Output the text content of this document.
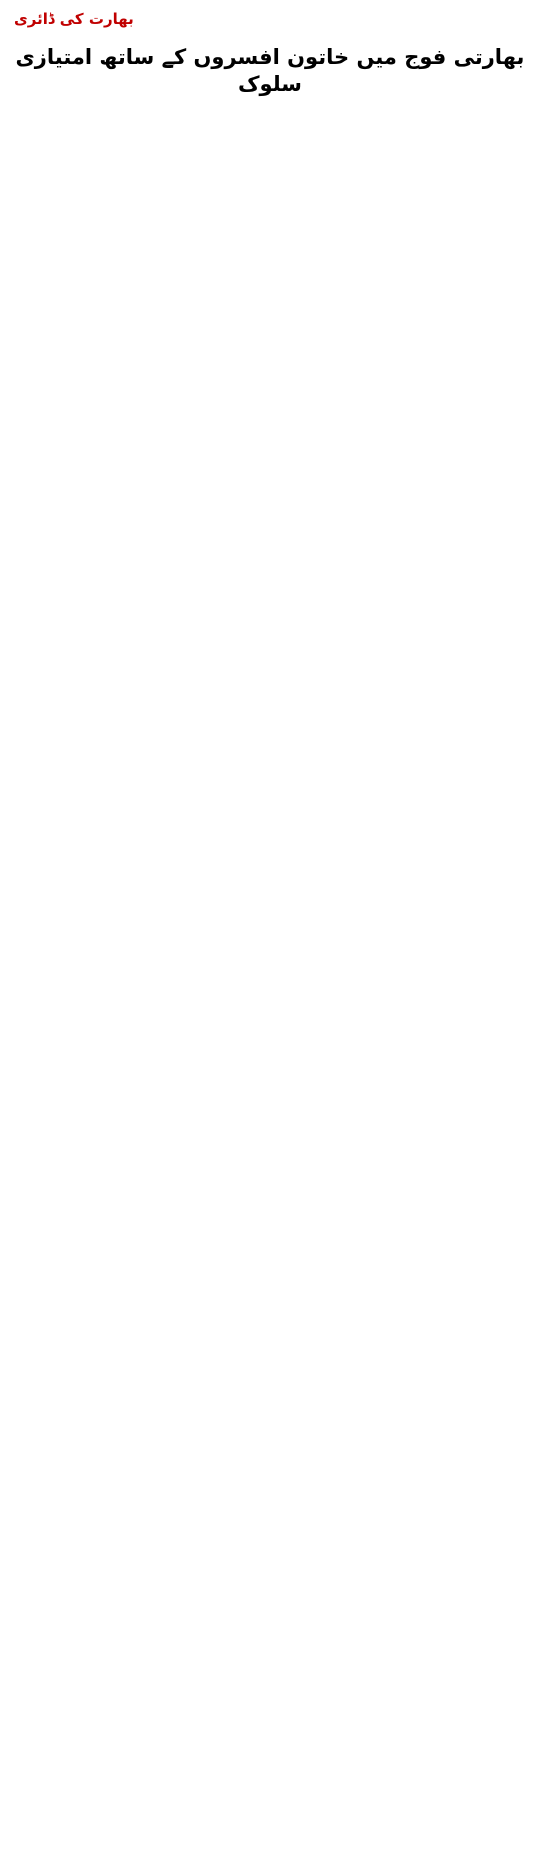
بھارت کی ڈائری
بھارتی فوج میں خاتون افسروں کے ساتھ امتیازی سلوک
